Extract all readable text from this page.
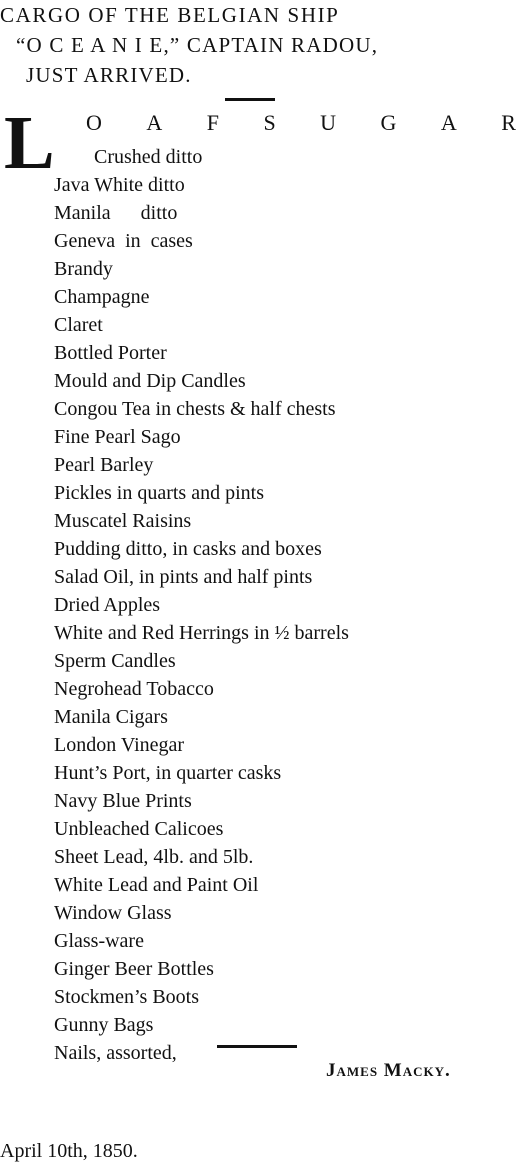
CARGO OF THE BELGIAN SHIP
“O C E A N I E,” CAPTAIN RADOU,
JUST ARRIVED.
L O A F S U G A R
Crushed ditto
Java White ditto
Manila      ditto
Geneva  in  cases
Brandy
Champagne
Claret
Bottled Porter
Mould and Dip Candles
Congou Tea in chests & half chests
Fine Pearl Sago
Pearl Barley
Pickles in quarts and pints
Muscatel Raisins
Pudding ditto, in casks and boxes
Salad Oil, in pints and half pints
Dried Apples
White and Red Herrings in ½ barrels
Sperm Candles
Negrohead Tobacco
Manila Cigars
London Vinegar
Hunt’s Port, in quarter casks
Navy Blue Prints
Unbleached Calicoes
Sheet Lead, 4lb. and 5lb.
White Lead and Paint Oil
Window Glass
Glass-ware
Ginger Beer Bottles
Stockmen’s Boots
Gunny Bags
Nails, assorted,
James Macky.
April 10th, 1850.
